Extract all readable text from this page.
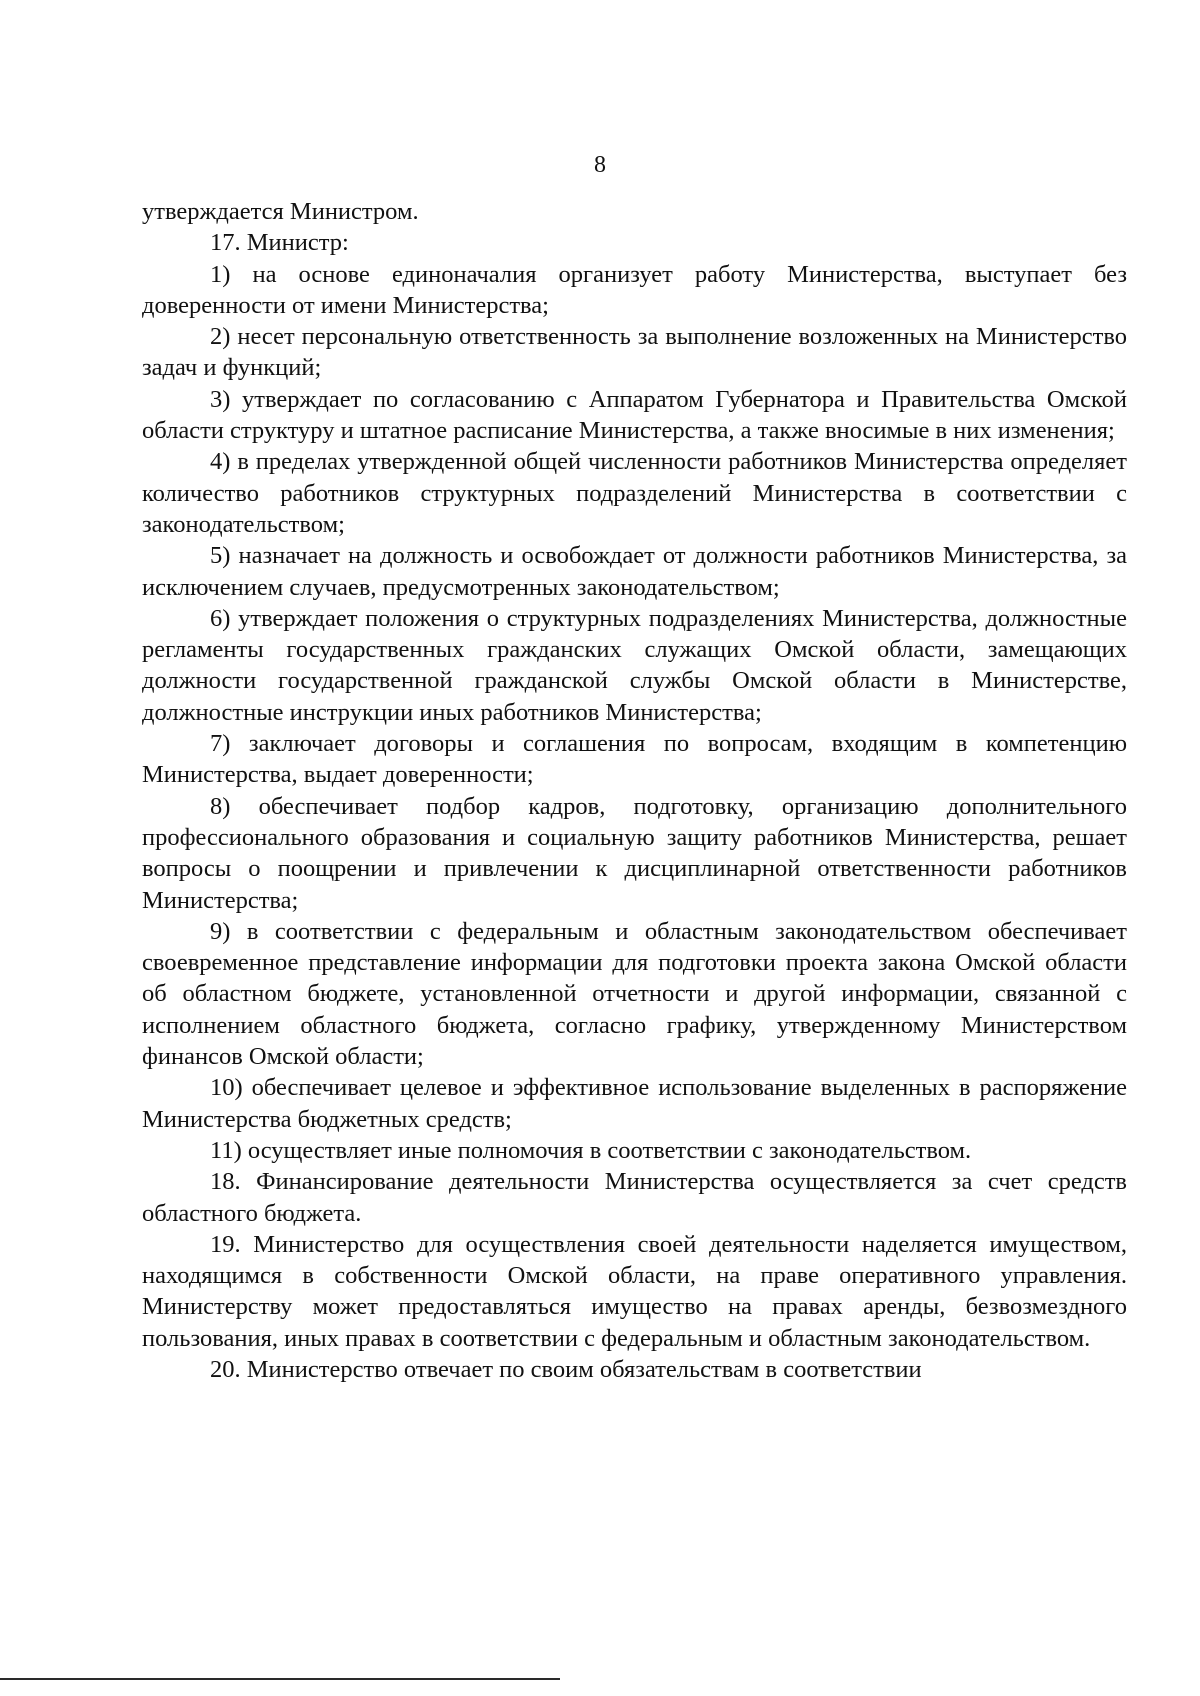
8

утверждается Министром.

17. Министр:

1) на основе единоначалия организует работу Министерства, выступает без доверенности от имени Министерства;

2) несет персональную ответственность за выполнение возложенных на Министерство задач и функций;

3) утверждает по согласованию с Аппаратом Губернатора и Правительства Омской области структуру и штатное расписание Министерства, а также вносимые в них изменения;

4) в пределах утвержденной общей численности работников Министерства определяет количество работников структурных подразделений Министерства в соответствии с законодательством;

5) назначает на должность и освобождает от должности работников Министерства, за исключением случаев, предусмотренных законодательством;

6) утверждает положения о структурных подразделениях Министерства, должностные регламенты государственных гражданских служащих Омской области, замещающих должности государственной гражданской службы Омской области в Министерстве, должностные инструкции иных работников Министерства;

7) заключает договоры и соглашения по вопросам, входящим в компетенцию Министерства, выдает доверенности;

8) обеспечивает подбор кадров, подготовку, организацию дополнительного профессионального образования и социальную защиту работников Министерства, решает вопросы о поощрении и привлечении к дисциплинарной ответственности работников Министерства;

9) в соответствии с федеральным и областным законодательством обеспечивает своевременное представление информации для подготовки проекта закона Омской области об областном бюджете, установленной отчетности и другой информации, связанной с исполнением областного бюджета, согласно графику, утвержденному Министерством финансов Омской области;

10) обеспечивает целевое и эффективное использование выделенных в распоряжение Министерства бюджетных средств;

11) осуществляет иные полномочия в соответствии с законодательством.

18. Финансирование деятельности Министерства осуществляется за счет средств областного бюджета.

19. Министерство для осуществления своей деятельности наделяется имуществом, находящимся в собственности Омской области, на праве оперативного управления. Министерству может предоставляться имущество на правах аренды, безвозмездного пользования, иных правах в соответствии с федеральным и областным законодательством.

20. Министерство отвечает по своим обязательствам в соответствии
